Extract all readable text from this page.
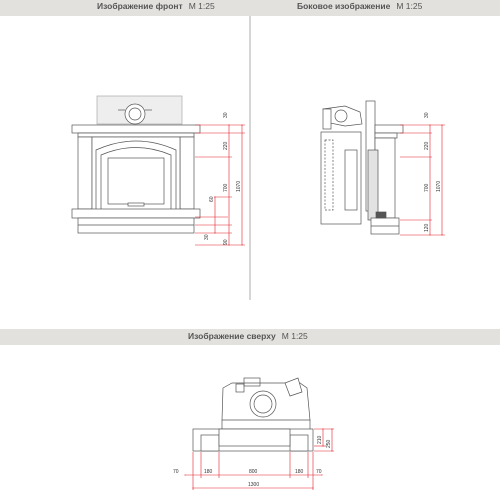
Изображение фронт М 1:25	Боковое изображение М 1:25
Изображение сверху М 1:25
30
220
700 1070
60
30
90
30
220
700 1070
120
70	180	800	180	70
1300
210 250
